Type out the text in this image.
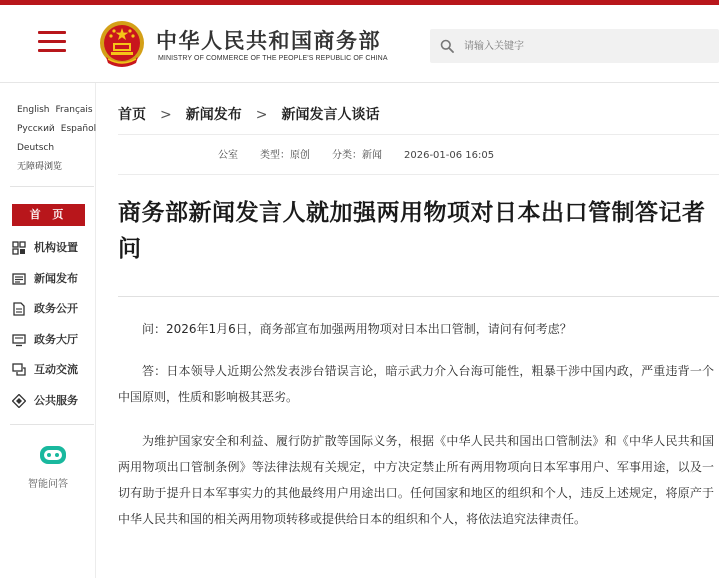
中华人民共和国商务部
MINISTRY OF COMMERCE OF THE PEOPLE'S REPUBLIC OF CHINA
请输入关键字
English Français
Русский Español
Deutsch
无障碍浏览
首 页
机构设置
新闻发布
政务公开
政务大厅
互动交流
公共服务
智能问答
首页 > 新闻发布 > 新闻发言人谈话
公室 类型：原创 分类：新闻 2026-01-06 16:05
商务部新闻发言人就加强两用物项对日本出口管制答记者问

问：2026年1月6日，商务部宣布加强两用物项对日本出口管制，请问有何考虑？

答：日本领导人近期公然发表涉台错误言论，暗示武力介入台海可能性，粗暴干涉中国内政，严重违背一个中国原则，性质和影响极其恶劣。

为维护国家安全和利益、履行防扩散等国际义务，根据《中华人民共和国出口管制法》和《中华人民共和国两用物项出口管制条例》等法律法规有关规定，中方决定禁止所有两用物项向日本军事用户、军事用途，以及一切有助于提升日本军事实力的其他最终用户用途出口。任何国家和地区的组织和个人，违反上述规定，将原产于中华人民共和国的相关两用物项转移或提供给日本的组织和个人，将依法追究法律责任。
